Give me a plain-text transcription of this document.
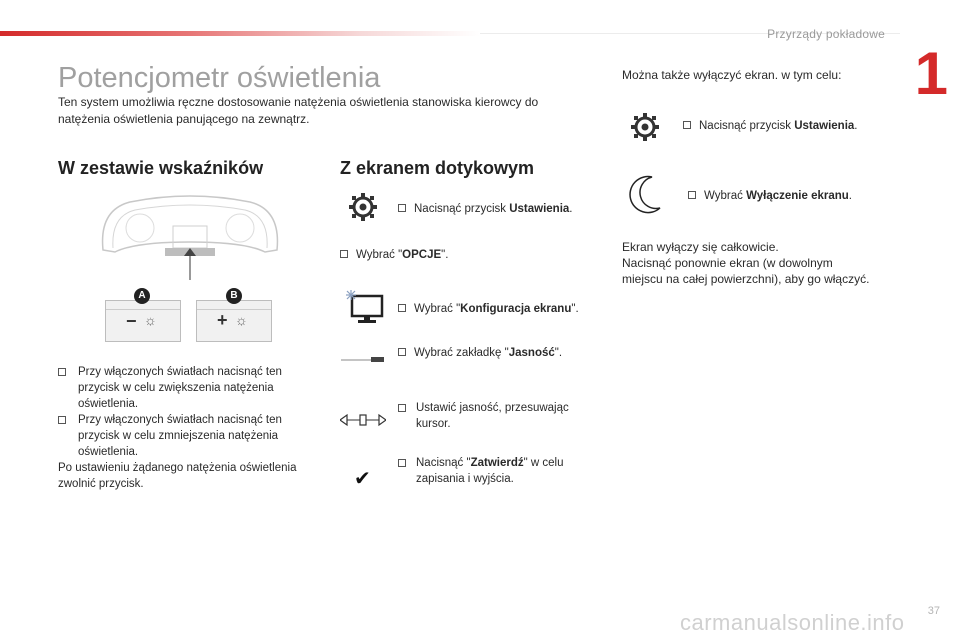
Przyrządy pokładowe
1
Potencjometr oświetlenia
Ten system umożliwia ręczne dostosowanie natężenia oświetlenia stanowiska kierowcy do natężenia oświetlenia panującego na zewnątrz.
W zestawie wskaźników
− ☼
A
+ ☼
B
Przy włączonych światłach nacisnąć ten przycisk w celu zwiększenia natężenia oświetlenia.
Przy włączonych światłach nacisnąć ten przycisk w celu zmniejszenia natężenia oświetlenia.
Po ustawieniu żądanego natężenia oświetlenia zwolnić przycisk.
Z ekranem dotykowym
Nacisnąć przycisk Ustawienia.
Wybrać "OPCJE".
Wybrać "Konfiguracja ekranu".
Wybrać zakładkę "Jasność".
Ustawić jasność, przesuwając kursor.
✔
Nacisnąć "Zatwierdź" w celu zapisania i wyjścia.
Można także wyłączyć ekran. w tym celu:
Nacisnąć przycisk Ustawienia.
Wybrać Wyłączenie ekranu.
Ekran wyłączy się całkowicie.
Nacisnąć ponownie ekran (w dowolnym
miejscu na całej powierzchni), aby go włączyć.
carmanualsonline.info 37
